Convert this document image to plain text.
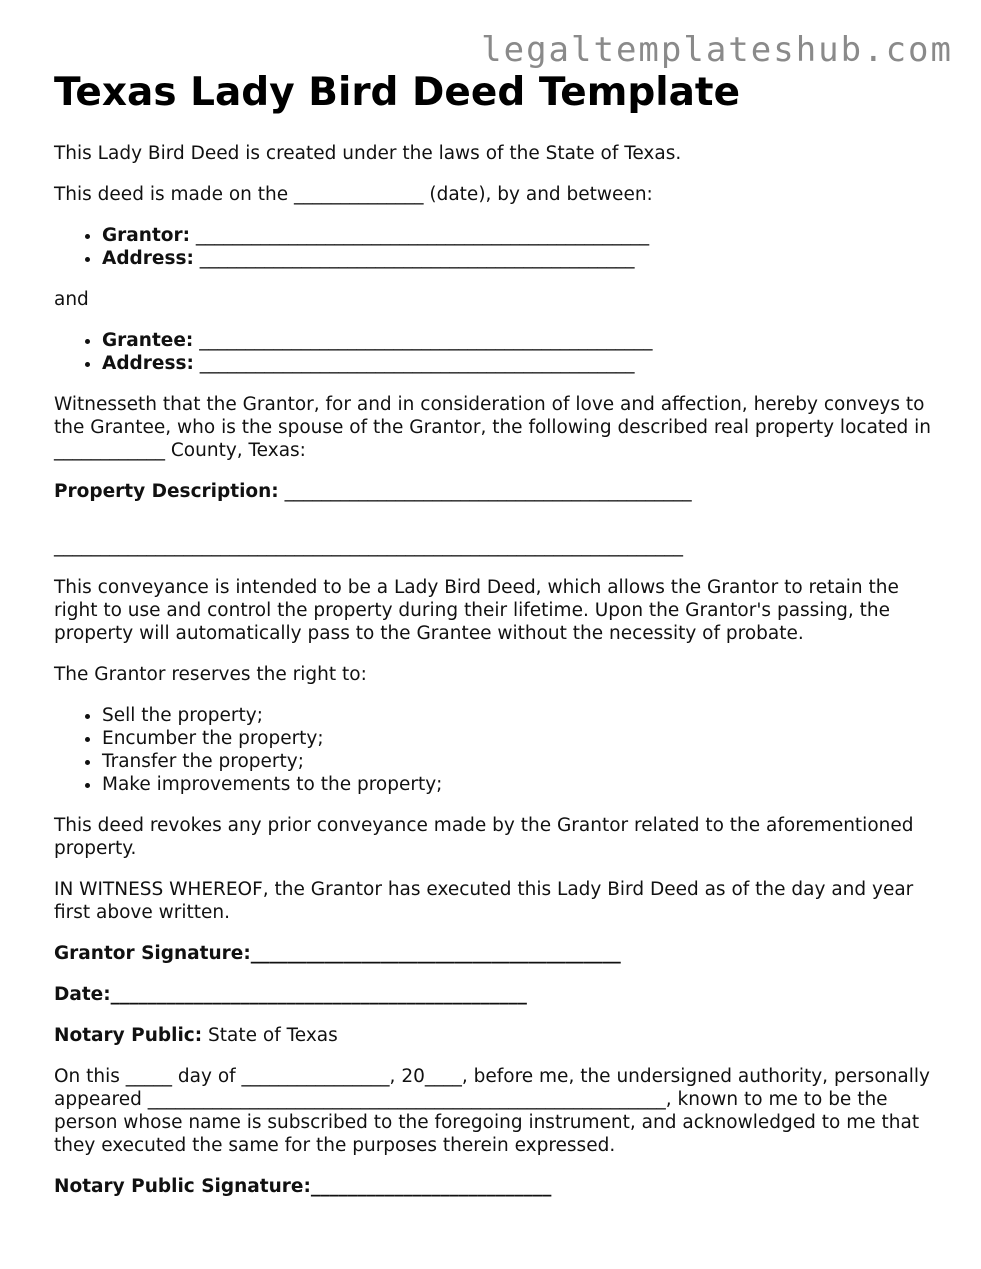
legaltemplateshub.com
Texas Lady Bird Deed Template

This Lady Bird Deed is created under the laws of the State of Texas.

This deed is made on the ______________ (date), by and between:

• Grantor: _________________________________________________
• Address: _______________________________________________

and

• Grantee: _________________________________________________
• Address: _______________________________________________

Witnesseth that the Grantor, for and in consideration of love and affection, hereby conveys to the Grantee, who is the spouse of the Grantor, the following described real property located in ____________ County, Texas:

Property Description: ____________________________________________

____________________________________________________________________

This conveyance is intended to be a Lady Bird Deed, which allows the Grantor to retain the right to use and control the property during their lifetime. Upon the Grantor's passing, the property will automatically pass to the Grantee without the necessity of probate.

The Grantor reserves the right to:

• Sell the property;
• Encumber the property;
• Transfer the property;
• Make improvements to the property;

This deed revokes any prior conveyance made by the Grantor related to the aforementioned property.

IN WITNESS WHEREOF, the Grantor has executed this Lady Bird Deed as of the day and year first above written.

Grantor Signature:________________________________________

Date:_____________________________________________

Notary Public: State of Texas

On this _____ day of ________________, 20____, before me, the undersigned authority, personally appeared ________________________________________________________, known to me to be the person whose name is subscribed to the foregoing instrument, and acknowledged to me that they executed the same for the purposes therein expressed.

Notary Public Signature:__________________________
